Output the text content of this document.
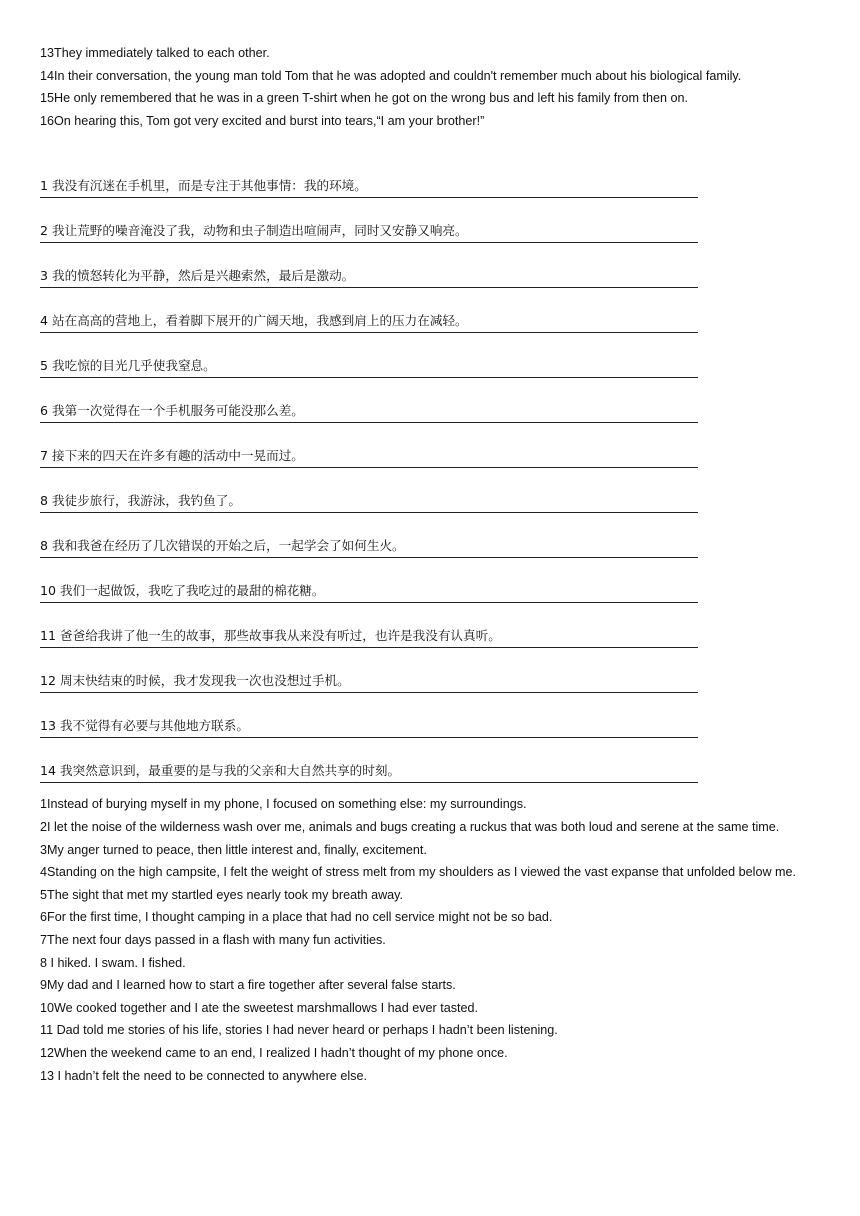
13They immediately talked to each other.

14In their conversation, the young man told Tom that he was adopted and couldn't remember much about his biological family.

15He only remembered that he was in a green T-shirt when he got on the wrong bus and left his family from then on.

16On hearing this, Tom got very excited and burst into tears,“I am your brother!”

1 我没有沉迷在手机里，而是专注于其他事情：我的环境。

2 我让荒野的噪音淹没了我，动物和虫子制造出喧闹声，同时又安静又响亮。

3 我的愤怒转化为平静，然后是兴趣索然，最后是激动。

4 站在高高的营地上，看着脚下展开的广阔天地，我感到肩上的压力在减轻。

5 我吃惊的目光几乎使我窒息。

6 我第一次觉得在一个手机服务可能没那么差。

7 接下来的四天在许多有趣的活动中一晃而过。

8 我徒步旅行，我游泳，我钓鱼了。

8 我和我爸在经历了几次错误的开始之后，一起学会了如何生火。

10 我们一起做饭，我吃了我吃过的最甜的棉花糖。

11 爸爸给我讲了他一生的故事，那些故事我从来没有听过，也许是我没有认真听。

12 周末快结束的时候，我才发现我一次也没想过手机。

13 我不觉得有必要与其他地方联系。

14 我突然意识到，最重要的是与我的父亲和大自然共享的时刻。

1Instead of burying myself in my phone, I focused on something else: my surroundings.

2I let the noise of the wilderness wash over me, animals and bugs creating a ruckus that was both loud and serene at the same time.

3My anger turned to peace, then little interest and, finally, excitement.

4Standing on the high campsite, I felt the weight of stress melt from my shoulders as I viewed the vast expanse that unfolded below me.

5The sight that met my startled eyes nearly took my breath away.

6For the first time, I thought camping in a place that had no cell service might not be so bad.

7The next four days passed in a flash with many fun activities.

8 I hiked. I swam. I fished.

9My dad and I learned how to start a fire together after several false starts.

10We cooked together and I ate the sweetest marshmallows I had ever tasted.

11 Dad told me stories of his life, stories I had never heard or perhaps I hadn’t been listening.

12When the weekend came to an end, I realized I hadn’t thought of my phone once.

13 I hadn’t felt the need to be connected to anywhere else.
